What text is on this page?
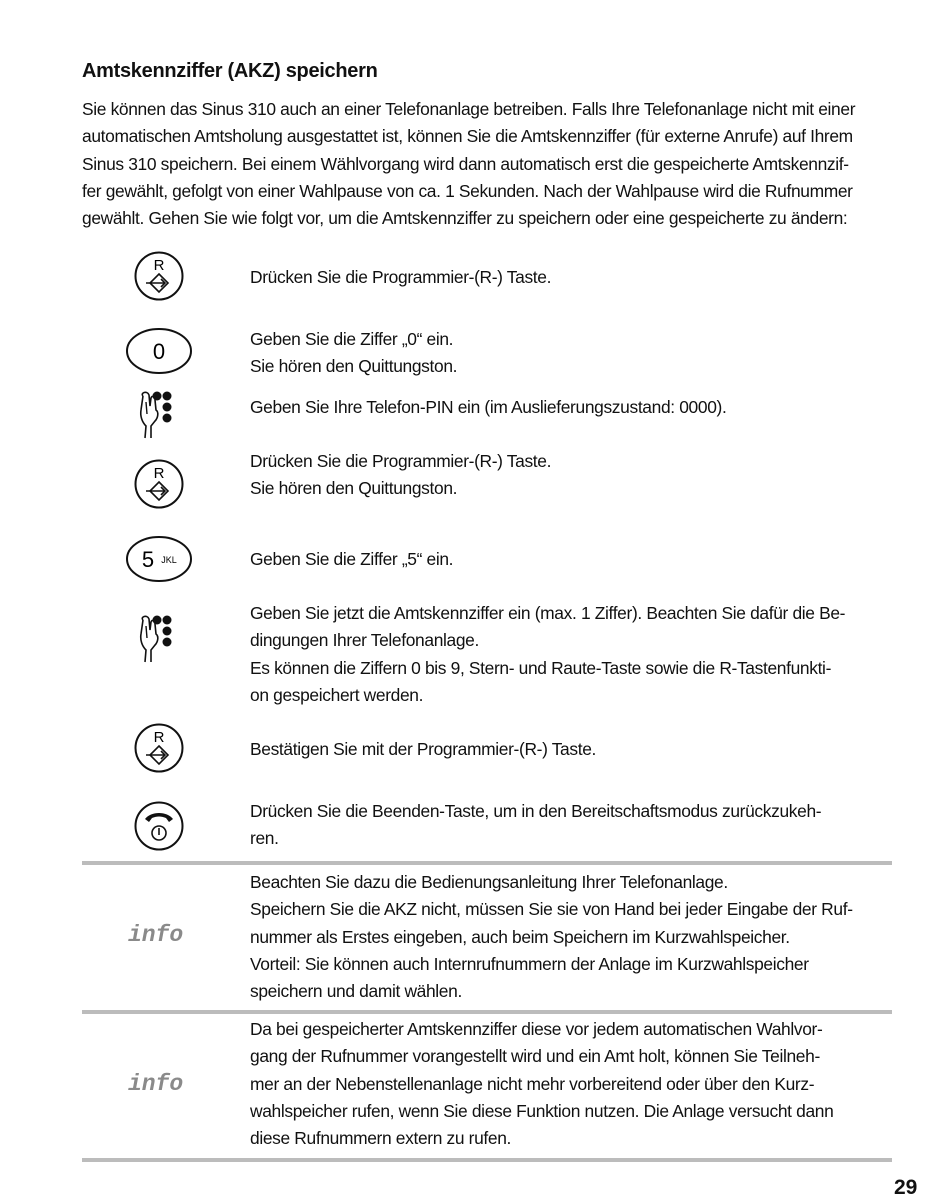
Amtskennziffer (AKZ) speichern
Sie können das Sinus 310 auch an einer Telefonanlage betreiben. Falls Ihre Telefonanlage nicht mit einer
automatischen Amtsholung ausgestattet ist, können Sie die Amtskennziffer (für externe Anrufe) auf Ihrem
Sinus 310 speichern. Bei einem Wählvorgang wird dann automatisch erst die gespeicherte Amtskennzif-
fer gewählt, gefolgt von einer Wahlpause von ca. 1 Sekunden. Nach der Wahlpause wird die Rufnummer
gewählt. Gehen Sie wie folgt vor, um die Amtskennziffer zu speichern oder eine gespeicherte zu ändern:
R
Drücken Sie die Programmier-(R-) Taste.
0	Geben Sie die Ziffer „0“ ein.
Sie hören den Quittungston.
Geben Sie Ihre Telefon-PIN ein (im Auslieferungszustand: 0000).
R
Drücken Sie die Programmier-(R-) Taste.
Sie hören den Quittungston.
5 JKL	Geben Sie die Ziffer „5“ ein.
Geben Sie jetzt die Amtskennziffer ein (max. 1 Ziffer). Beachten Sie dafür die Be-
dingungen Ihrer Telefonanlage.
Es können die Ziffern 0 bis 9, Stern- und Raute-Taste sowie die R-Tastenfunkti-
on gespeichert werden.
R
Bestätigen Sie mit der Programmier-(R-) Taste.
Drücken Sie die Beenden-Taste, um in den Bereitschaftsmodus zurückzukeh-
ren.
info
Beachten Sie dazu die Bedienungsanleitung Ihrer Telefonanlage.
Speichern Sie die AKZ nicht, müssen Sie sie von Hand bei jeder Eingabe der Ruf-
nummer als Erstes eingeben, auch beim Speichern im Kurzwahlspeicher.
Vorteil: Sie können auch Internrufnummern der Anlage im Kurzwahlspeicher
speichern und damit wählen.
info
Da bei gespeicherter Amtskennziffer diese vor jedem automatischen Wahlvor-
gang der Rufnummer vorangestellt wird und ein Amt holt, können Sie Teilneh-
mer an der Nebenstellenanlage nicht mehr vorbereitend oder über den Kurz-
wahlspeicher rufen, wenn Sie diese Funktion nutzen. Die Anlage versucht dann
diese Rufnummern extern zu rufen.
29
